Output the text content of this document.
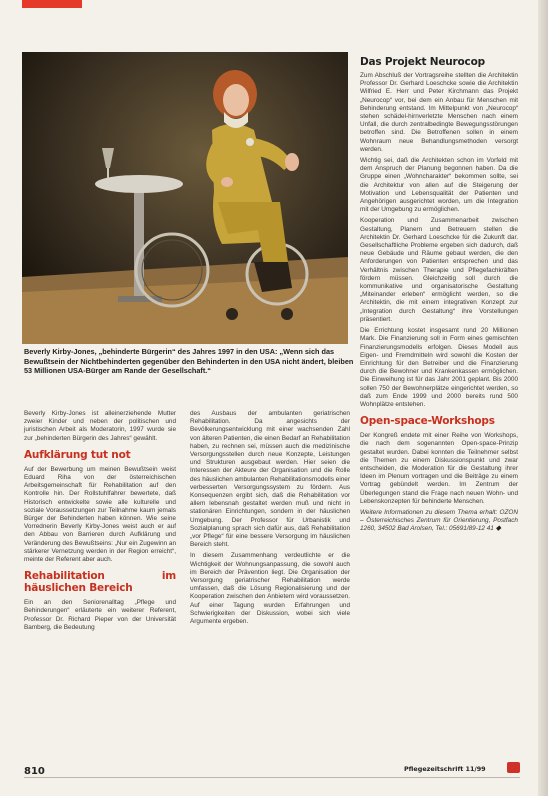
Beverly Kirby-Jones, „behinderte Bürgerin“ des Jahres 1997 in den USA: „Wenn sich das Bewußtsein der Nichtbehinderten gegenüber den Behinderten in den USA nicht ändert, bleiben 53 Millionen USA-Bürger am Rande der Gesellschaft.“

Beverly Kirby-Jones ist alleinerziehende Mutter zweier Kinder und neben der politischen und juristischen Arbeit als Moderatorin, 1997 wurde sie zur „behinderten Bürgerin des Jahres“ gewählt.

Aufklärung tut not

Auf der Bewerbung um meinen Bewußtsein weist Eduard Riha von der österreichischen Arbeitsgemeinschaft für Rehabilitation auf den Kontrolle hin. Der Rollstuhlfahrer bewertete, daß Historisch entwickelte sowie alle kulturelle und soziale Voraussetzungen zur Teilnahme kaum jemals Bürger der Behinderten haben können. Wie seine Vorrednerin Beverly Kirby-Jones weist auch er auf den Abbau von Barrieren durch Aufklärung und Veränderung des Bewußtseins: „Nur ein Zugewinn an stärkerer Vernetzung werden in der Region erreicht“, meinte der Referent aber auch.

Rehabilitation im häuslichen Bereich

Ein an den Seniorenalltag „Pflege und Behinderungen“ erläuterte ein weiterer Referent, Professor Dr. Richard Pieper von der Universität Bamberg, die Bedeutung

des Ausbaus der ambulanten geriatrischen Rehabilitation. Da angesichts der Bevölkerungsentwicklung mit einer wachsenden Zahl von älteren Patienten, die einen Bedarf an Rehabilitation haben, zu rechnen sei, müssen auch die medizinische Versorgungsstellen durch neue Konzepte, Leistungen und Strukturen ausgebaut werden. Hier seien die Interessen der Akteure der Organisation und die Rolle des häuslichen ambulanten Rehabilitationsmodells einer verbesserten Versorgungssystem zu fördern. Aus Konsequenzen ergibt sich, daß die Rehabilitation vor allem lebensnah gestaltet werden muß und nicht in stationären Einrichtungen, sondern in der häuslichen Umgebung. Der Professor für Urbanistik und Sozialplanung sprach sich dafür aus, daß Rehabilitation „vor Pflege“ für eine bessere Versorgung im häuslichen Bereich steht.

In diesem Zusammenhang verdeutlichte er die Wichtigkeit der Wohnungsanpassung, die sowohl auch im Bereich der Prävention liegt. Die Organisation der Versorgung geriatrischer Rehabilitation werde umfassen, daß die Lösung Regionalisierung und der Kooperation zwischen den Anbietern wird voraussetzen. Auf einer Tagung wurden Erfahrungen und Schwierigkeiten der Diskussion, wobei sich viele Argumente ergeben.

Das Projekt Neurocop

Zum Abschluß der Vortragsreihe stellten die Architektin Professor Dr. Gerhard Loeschcke sowie die Architektin Wilfried E. Herr und Peter Kirchmann das Projekt „Neurocop“ vor, bei dem ein Anbau für Menschen mit Behinderung entstand. Im Mittelpunkt von „Neurocop“ stehen schädel-hirnverletzte Menschen nach einem Unfall, die durch zentralbedingte Bewegungsstörungen betroffen sind. Die Betroffenen sollen in einem Wohnraum neue Behandlungsmethoden versorgt werden.

Wichtig sei, daß die Architekten schon im Vorfeld mit dem Anspruch der Planung begonnen haben. Da die Gruppe einen „Wohncharakter“ bekommen sollte, sei die Architektur von allen auf die Steigerung der Motivation und Lebensqualität der Patienten und Angehörigen ausgerichtet worden, um die Integration mit der Umgebung zu ermöglichen.

Kooperation und Zusammenarbeit zwischen Gestaltung, Planern und Betreuern stellen die Architektin Dr. Gerhard Loeschcke für die Zukunft dar. Gesellschaftliche Probleme ergeben sich dadurch, daß neue Gebäude und Räume gebaut werden, die den Anforderungen von Patienten entsprechen und das Verhältnis zwischen Therapie und Pflegefachkräften fördern müssen. Gleichzeitig soll durch die kommunikative und organisatorische Gestaltung „Miteinander erleben“ ermöglicht werden, so die Architektin, die mit einem integrativen Konzept zur „Integration durch Gestaltung“ ihre Vorstellungen präsentiert.

Die Errichtung kostet insgesamt rund 20 Millionen Mark. Die Finanzierung soll in Form eines gemischten Finanzierungsmodells erfolgen. Dieses Modell aus Eigen- und Fremdmitteln wird sowohl die Kosten der Einrichtung für den Betreiber und die Finanzierung durch die Bewohner und Krankenkassen ermöglichen. Die Einweihung ist für das Jahr 2001 geplant. Bis 2000 sollen 750 der Bewohnerplätze eingerichtet werden, so daß zum Ende 1999 und 2000 bereits rund 500 Wohnplätze entstehen.

Open-space-Workshops

Der Kongreß endete mit einer Reihe von Workshops, die nach dem sogenannten Open-space-Prinzip gestaltet wurden. Dabei konnten die Teilnehmer selbst die Themen zu einem Diskussionspunkt und zwar entscheiden, die Moderation für die Gestaltung ihrer Ideen im Plenum vortragen und die Beiträge zu einem Vortrag gebündelt werden. Im Zentrum der Überlegungen stand die Frage nach neuen Wohn- und Lebenskonzepten für behinderte Menschen.

Weitere Informationen zu diesem Thema erhalt: OZON – Österreichisches Zentrum für Orientierung, Postfach 1260, 34502 Bad Arolsen, Tel.: 05691/89-12 41 ◆

810	Pflegezeitschrift 11/99
